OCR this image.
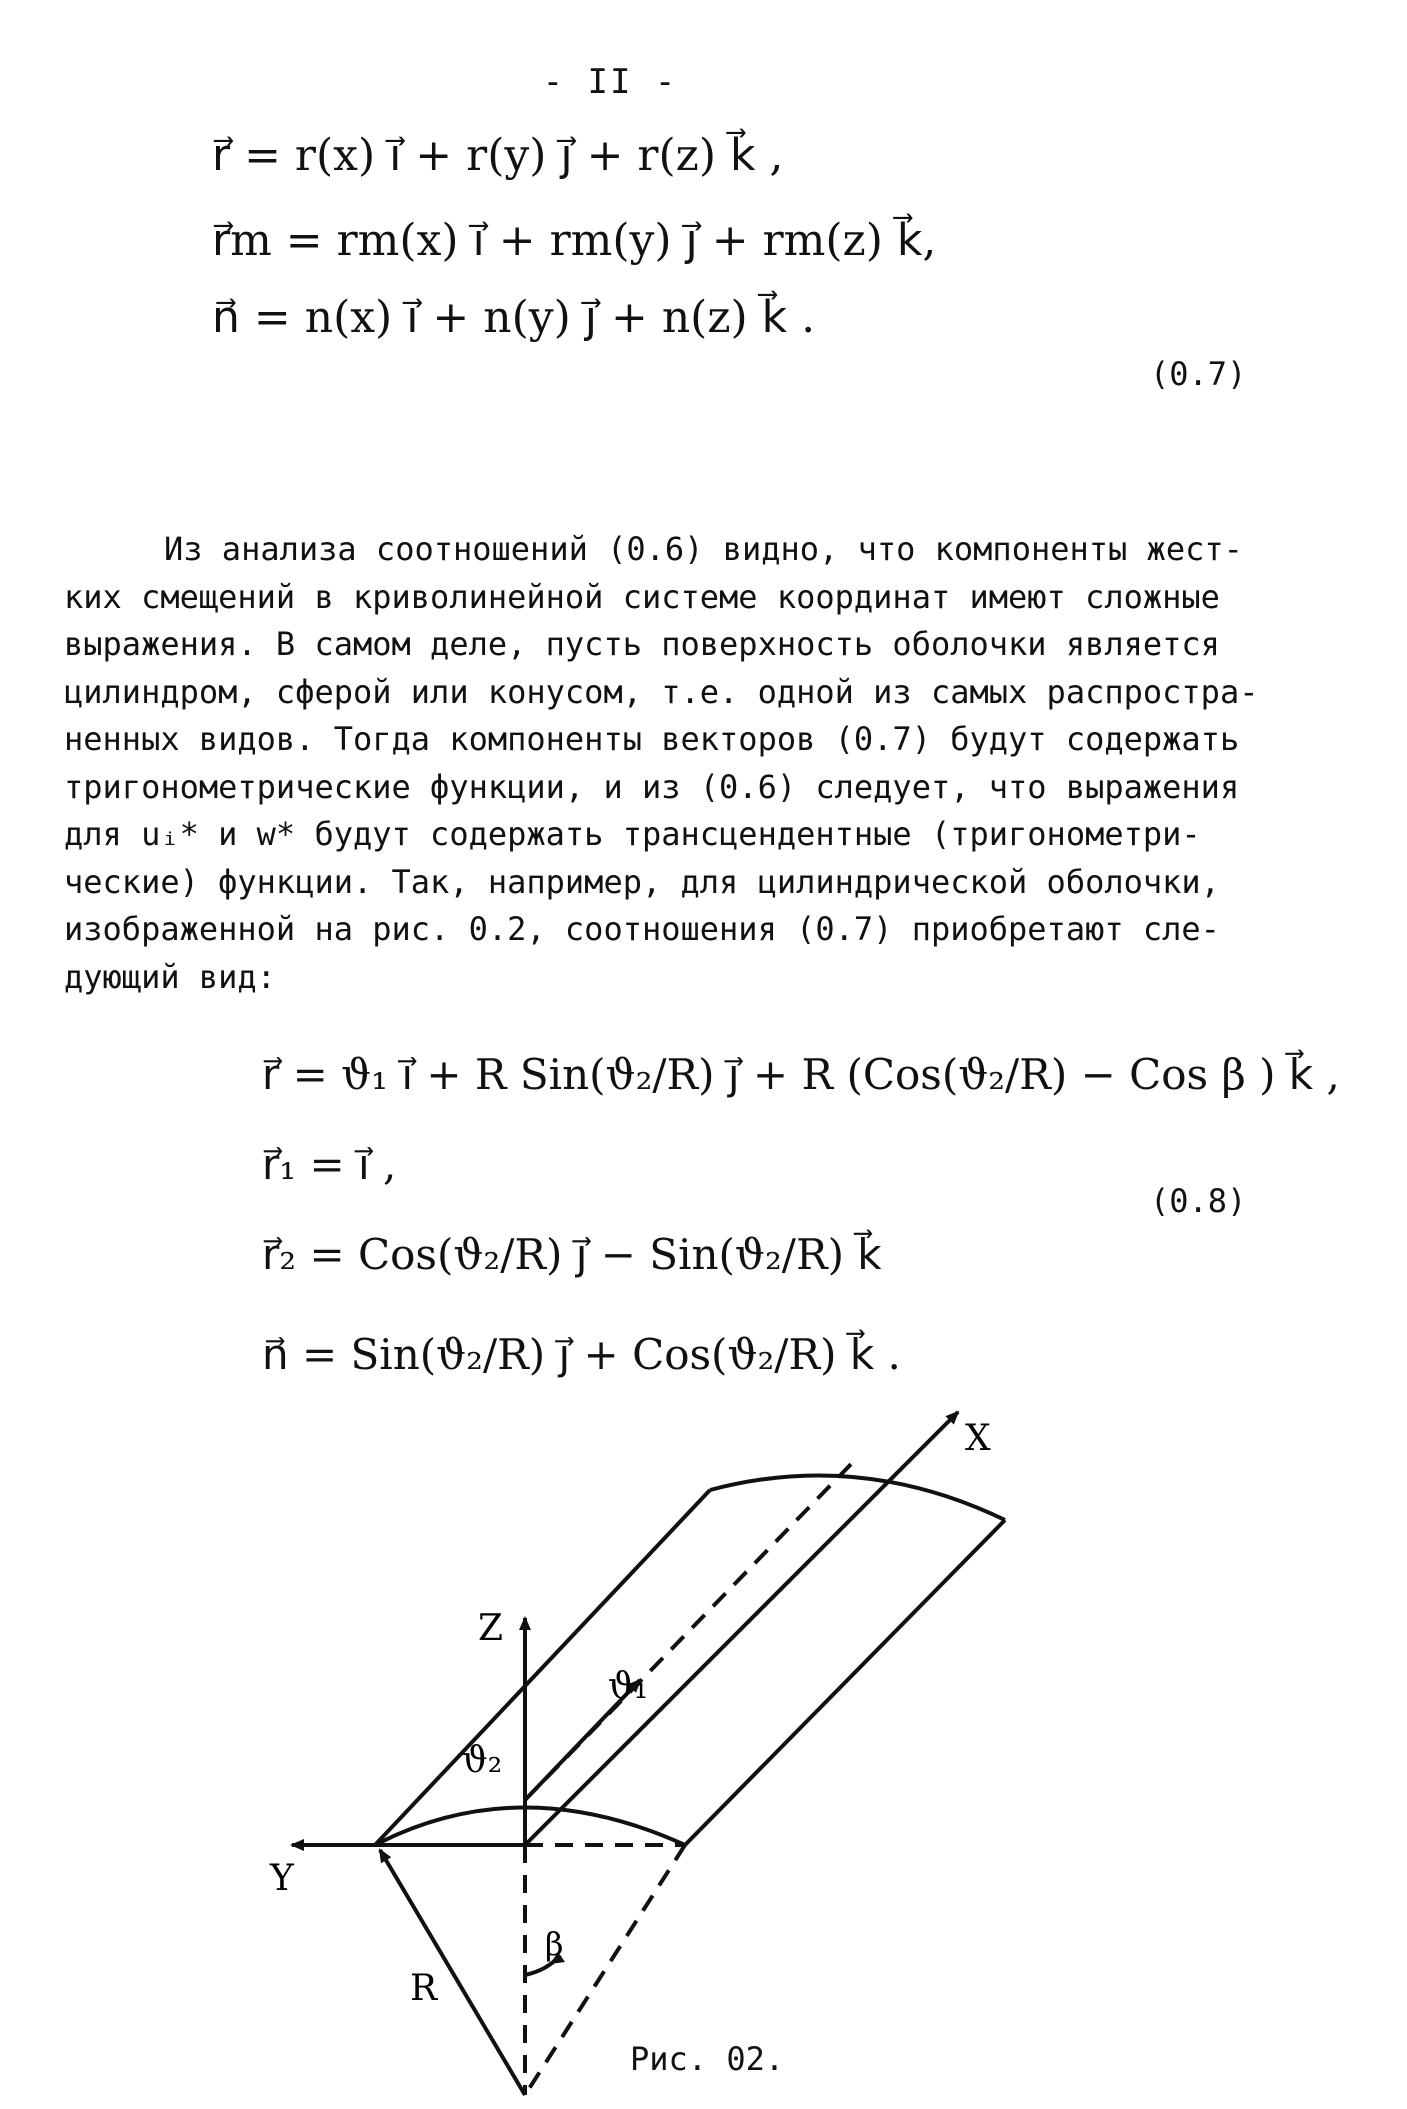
- II -
r⃗ = r(x) i⃗ + r(y) j⃗ + r(z) k⃗ ,
r⃗m = rm(x) i⃗ + rm(y) j⃗ + rm(z) k⃗,
n⃗ = n(x) i⃗ + n(y) j⃗ + n(z) k⃗ .
(0.7)
Из анализа соотношений (0.6) видно, что компоненты жест-
ких смещений в криволинейной системе координат имеют сложные
выражения. В самом деле, пусть поверхность оболочки является
цилиндром, сферой или конусом, т.е. одной из самых распростра-
ненных видов. Тогда компоненты векторов (0.7) будут содержать
тригонометрические функции, и из (0.6) следует, что выражения
для uᵢ* и w* будут содержать трансцендентные (тригонометри-
ческие) функции. Так, например, для цилиндрической оболочки,
изображенной на рис. 0.2, соотношения (0.7) приобретают сле-
дующий вид:
r⃗ = ϑ₁ i⃗ + R Sin(ϑ₂/R) j⃗ + R (Cos(ϑ₂/R) − Cos β ) k⃗ ,
r⃗₁ = i⃗ ,
r⃗₂ = Cos(ϑ₂/R) j⃗ − Sin(ϑ₂/R) k⃗
n⃗ = Sin(ϑ₂/R) j⃗ + Cos(ϑ₂/R) k⃗ .
(0.8)
X
Z
Y
ϑ₁
ϑ₂
R
β
Рис. 02.
